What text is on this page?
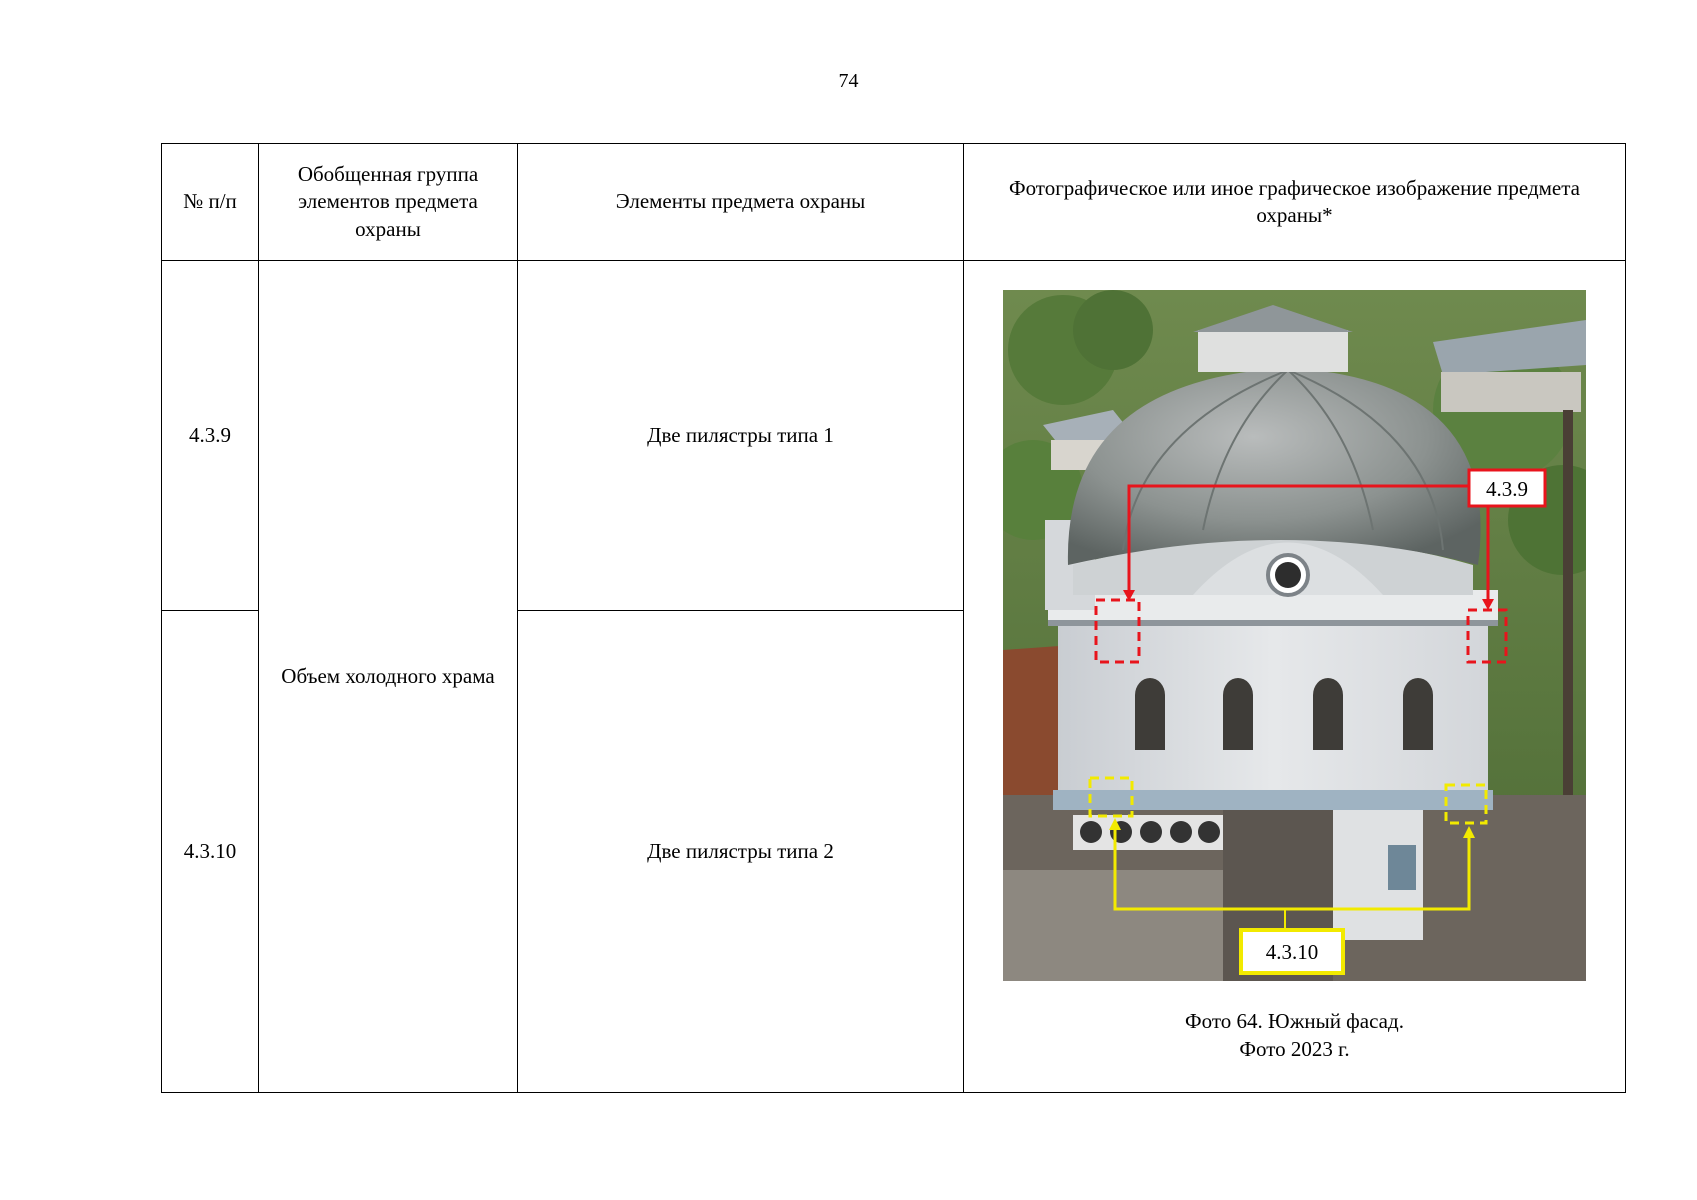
74
№ п/п	Обобщенная группа элементов предмета охраны	Элементы предмета охраны	Фотографическое или иное графическое изображение предмета охраны*
4.3.9	Объем холодного храма	Две пилястры типа 1	4.3.9
4.3.10
Фото 64. Южный фасад.
Фото 2023 г.

4.3.10		Две пилястры типа 2	
